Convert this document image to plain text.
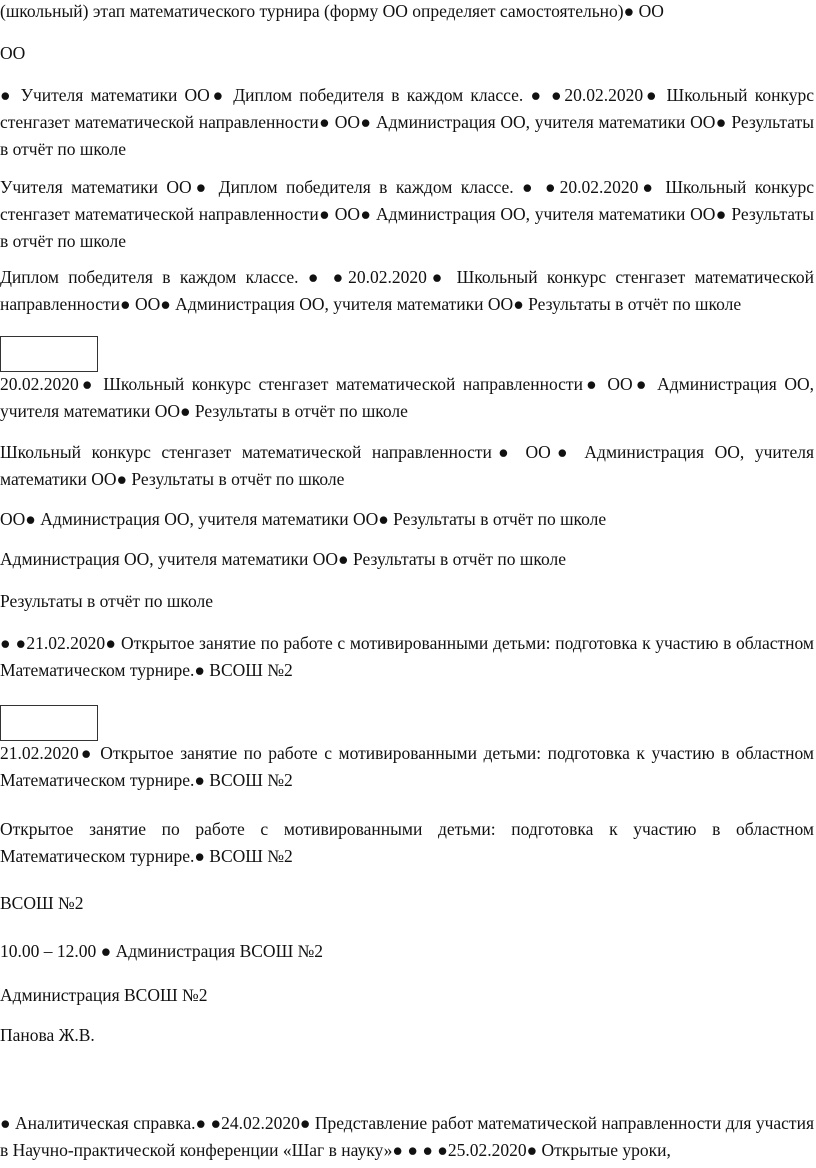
(школьный) этап математического турнира (форму ОО определяет самостоятельно)● ОО

ОО

● Учителя математики ОО● Диплом победителя в каждом классе. ● ●20.02.2020● Школьный конкурс стенгазет математической направленности● ОО● Администрация ОО, учителя математики ОО● Результаты в отчёт по школе

Учителя математики ОО● Диплом победителя в каждом классе. ● ●20.02.2020● Школьный конкурс стенгазет математической направленности● ОО● Администрация ОО, учителя математики ОО● Результаты в отчёт по школе

Диплом победителя в каждом классе. ● ●20.02.2020● Школьный конкурс стенгазет математической направленности● ОО● Администрация ОО, учителя математики ОО● Результаты в отчёт по школе

20.02.2020● Школьный конкурс стенгазет математической направленности● ОО● Администрация ОО, учителя математики ОО● Результаты в отчёт по школе

Школьный конкурс стенгазет математической направленности● ОО● Администрация ОО, учителя математики ОО● Результаты в отчёт по школе

ОО● Администрация ОО, учителя математики ОО● Результаты в отчёт по школе

Администрация ОО, учителя математики ОО● Результаты в отчёт по школе

Результаты в отчёт по школе

● ●21.02.2020● Открытое занятие по работе с мотивированными детьми: подготовка к участию в областном Математическом турнире.● ВСОШ №2

21.02.2020● Открытое занятие по работе с мотивированными детьми: подготовка к участию в областном Математическом турнире.● ВСОШ №2

Открытое занятие по работе с мотивированными детьми: подготовка к участию в областном Математическом турнире.● ВСОШ №2

ВСОШ №2

10.00 – 12.00 ● Администрация ВСОШ №2

Администрация ВСОШ №2

Панова Ж.В.

● Аналитическая справка.● ●24.02.2020● Представление работ математической направленности для участия в Научно-практической конференции «Шаг в науку»● ● ● ●25.02.2020● Открытые уроки,
